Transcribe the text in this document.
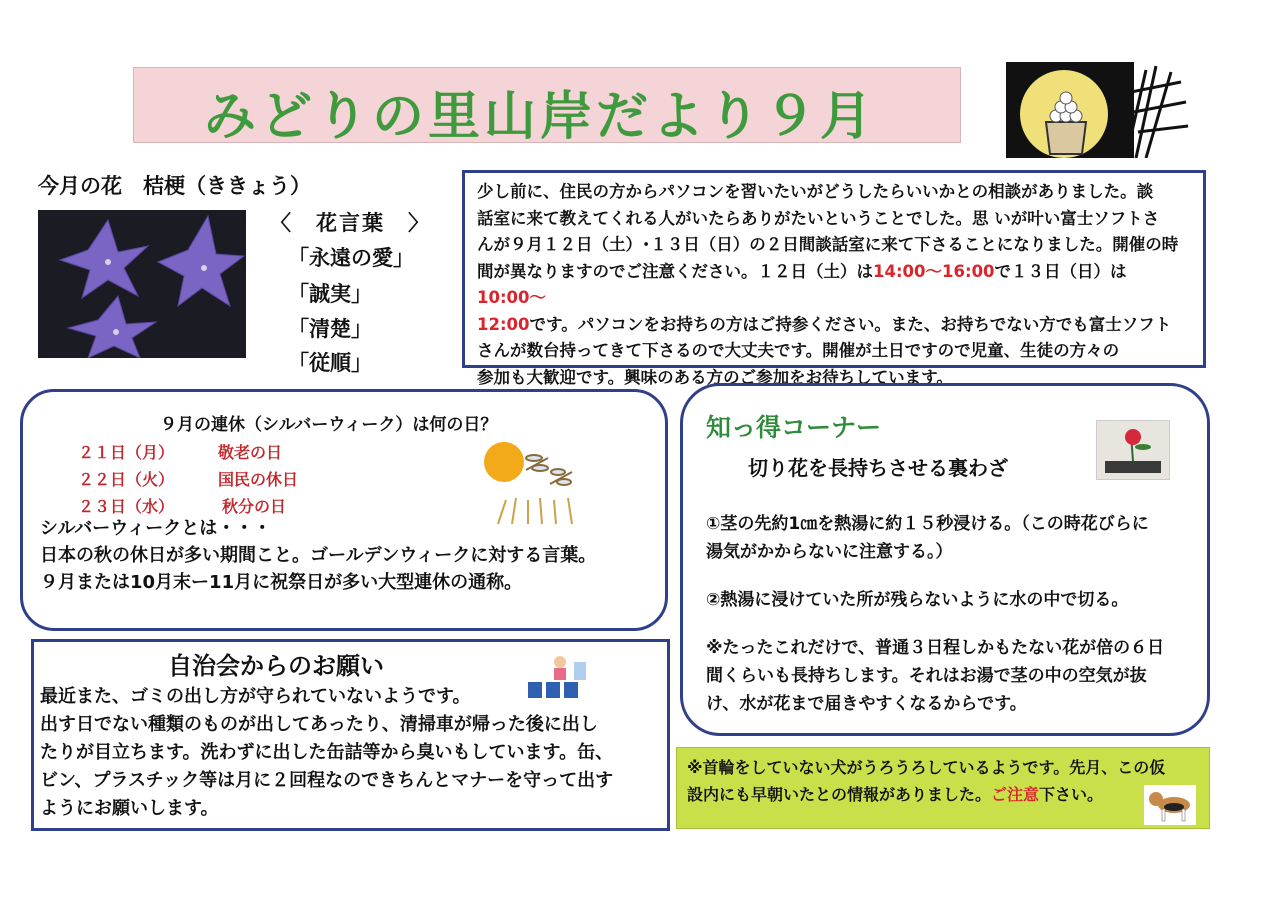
みどりの里山岸だより９月
今月の花　桔梗（ききょう）
〈　花言葉　〉
「永遠の愛」
「誠実」
「清楚」
「従順」
少し前に、住民の方からパソコンを習いたいがどうしたらいいかとの相談がありました。談
話室に来て教えてくれる人がいたらありがたいということでした。思 いが叶い富士ソフトさ
んが９月１２日（土）･１３日（日）の２日間談話室に来て下さることになりました。開催の時
間が異なりますのでご注意ください。１２日（土）は14:00～16:00で１３日（日）は　10:00～
12:00です。パソコンをお持ちの方はご持参ください。また、お持ちでない方でも富士ソフト
さんが数台持ってきて下さるので大丈夫です。開催が土日ですので児童、生徒の方々の
参加も大歓迎です。興味のある方のご参加をお待ちしています。
９月の連休（シルバーウィーク）は何の日？
２１日（月）	敬老の日
２２日（火）	国民の休日
２３日（水）	秋分の日
シルバーウィークとは・・・
日本の秋の休日が多い期間こと。ゴールデンウィークに対する言葉。
９月または10月末ー11月に祝祭日が多い大型連休の通称。
知っ得コーナー
切り花を長持ちさせる裏わざ
①茎の先約1㎝を熱湯に約１５秒浸ける。（この時花びらに
湯気がかからないに注意する。）
②熱湯に浸けていた所が残らないように水の中で切る。
※たったこれだけで、普通３日程しかもたない花が倍の６日
間くらいも長持ちします。それはお湯で茎の中の空気が抜
け、水が花まで届きやすくなるからです。
自治会からのお願い
最近また、ゴミの出し方が守られていないようです。
出す日でない種類のものが出してあったり、清掃車が帰った後に出し
たりが目立ちます。洗わずに出した缶詰等から臭いもしています。缶、
ビン、プラスチック等は月に２回程なのできちんとマナーを守って出す
ようにお願いします。
※首輪をしていない犬がうろうろしているようです。先月、この仮
設内にも早朝いたとの情報がありました。ご注意下さい。
